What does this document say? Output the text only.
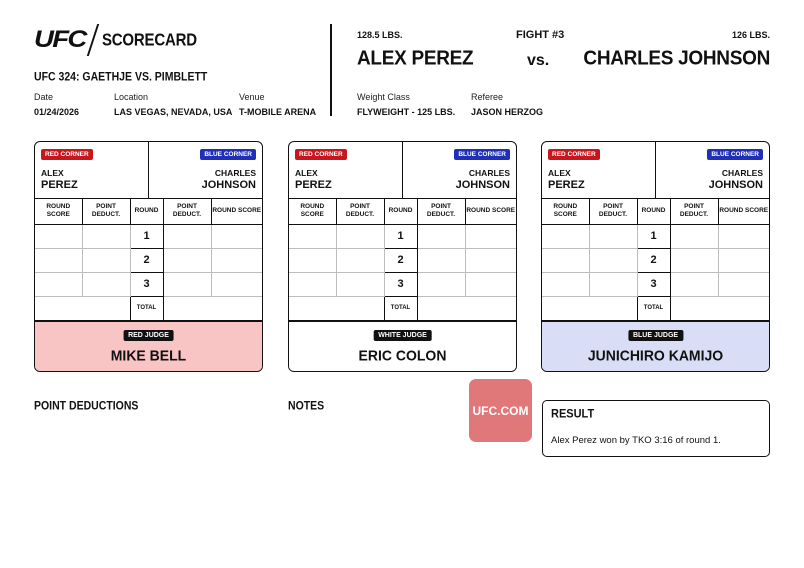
UFC	SCORECARD
UFC 324: GAETHJE VS. PIMBLETT
Date
01/24/2026
Location
LAS VEGAS, NEVADA, USA
Venue
T-MOBILE ARENA
128.5 LBS.
ALEX PEREZ
FIGHT #3
vs.
126 LBS.
CHARLES JOHNSON
Weight Class
FLYWEIGHT - 125 LBS.
Referee
JASON HERZOG
RED CORNER	BLUE CORNER
ALEX
PEREZ
CHARLES
JOHNSON
ROUND SCORE	POINT DEDUCT.	ROUND	POINT DEDUCT.	ROUND SCORE
		1		
		2		
		3		
		TOTAL		
RED JUDGE
MIKE BELL
RED CORNER	BLUE CORNER
ALEX
PEREZ
CHARLES
JOHNSON
ROUND SCORE	POINT DEDUCT.	ROUND	POINT DEDUCT.	ROUND SCORE
		1		
		2		
		3		
		TOTAL		
WHITE JUDGE
ERIC COLON
RED CORNER	BLUE CORNER
ALEX
PEREZ
CHARLES
JOHNSON
ROUND SCORE	POINT DEDUCT.	ROUND	POINT DEDUCT.	ROUND SCORE
		1		
		2		
		3		
		TOTAL		
BLUE JUDGE
JUNICHIRO KAMIJO
POINT DEDUCTIONS	NOTES	UFC.COM	RESULT
Alex Perez won by TKO 3:16 of round 1.
